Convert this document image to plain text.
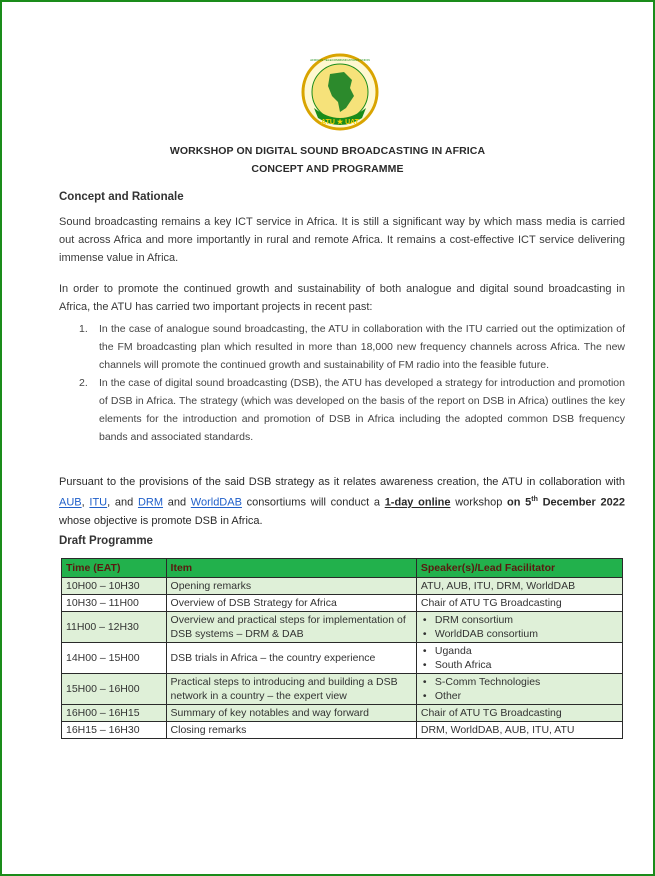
ATU ★ UAT
AFRICAN TELECOMMUNICATIONS UNION
WORKSHOP ON DIGITAL SOUND BROADCASTING IN AFRICA
CONCEPT AND PROGRAMME
Concept and Rationale
Sound broadcasting remains a key ICT service in Africa. It is still a significant way by which mass media is carried out across Africa and more importantly in rural and remote Africa. It remains a cost-effective ICT service delivering immense value in Africa.
In order to promote the continued growth and sustainability of both analogue and digital sound broadcasting in Africa, the ATU has carried two important projects in recent past:
1. In the case of analogue sound broadcasting, the ATU in collaboration with the ITU carried out the optimization of the FM broadcasting plan which resulted in more than 18,000 new frequency channels across Africa. The new channels will promote the continued growth and sustainability of FM radio into the feasible future.
2. In the case of digital sound broadcasting (DSB), the ATU has developed a strategy for introduction and promotion of DSB in Africa. The strategy (which was developed on the basis of the report on DSB in Africa) outlines the key elements for the introduction and promotion of DSB in Africa including the adopted common DSB frequency bands and associated standards.
Pursuant to the provisions of the said DSB strategy as it relates awareness creation, the ATU in collaboration with AUB, ITU, and DRM and WorldDAB consortiums will conduct a 1-day online workshop on 5th December 2022 whose objective is promote DSB in Africa.
Draft Programme
Time (EAT)	Item	Speaker(s)/Lead Facilitator
10H00 – 10H30	Opening remarks	ATU, AUB, ITU, DRM, WorldDAB
10H30 – 11H00	Overview of DSB Strategy for Africa	Chair of ATU TG Broadcasting
11H00 – 12H30	Overview and practical steps for implementation of DSB systems – DRM & DAB	• DRM consortium
• WorldDAB consortium

14H00 – 15H00	DSB trials in Africa – the country experience	• Uganda
• South Africa

15H00 – 16H00	Practical steps to introducing and building a DSB network in a country – the expert view	• S-Comm Technologies
• Other

16H00 – 16H15	Summary of key notables and way forward	Chair of ATU TG Broadcasting
16H15 – 16H30	Closing remarks	DRM, WorldDAB, AUB, ITU, ATU
